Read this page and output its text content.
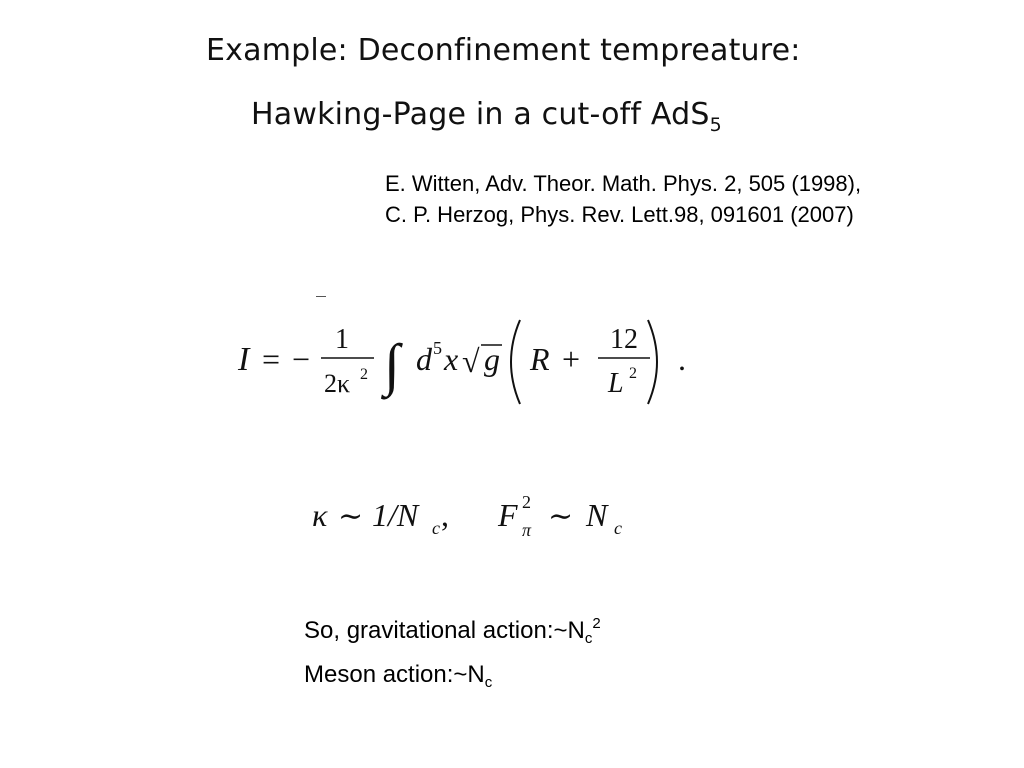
Example: Deconfinement tempreature:
Hawking-Page in a cut-off AdS$_5$
E. Witten, Adv. Theor. Math. Phys. 2, 505 (1998),
C. P. Herzog, Phys. Rev. Lett.98, 091601 (2007)
I = −
1
2κ 2 ∫ d 5 x √ g R +
12
L 2 .
κ ∼ 1/N c , F 2
π ∼ N c
So, gravitational $action:\sim N_c^2$
Meson $action:\sim N_c$
